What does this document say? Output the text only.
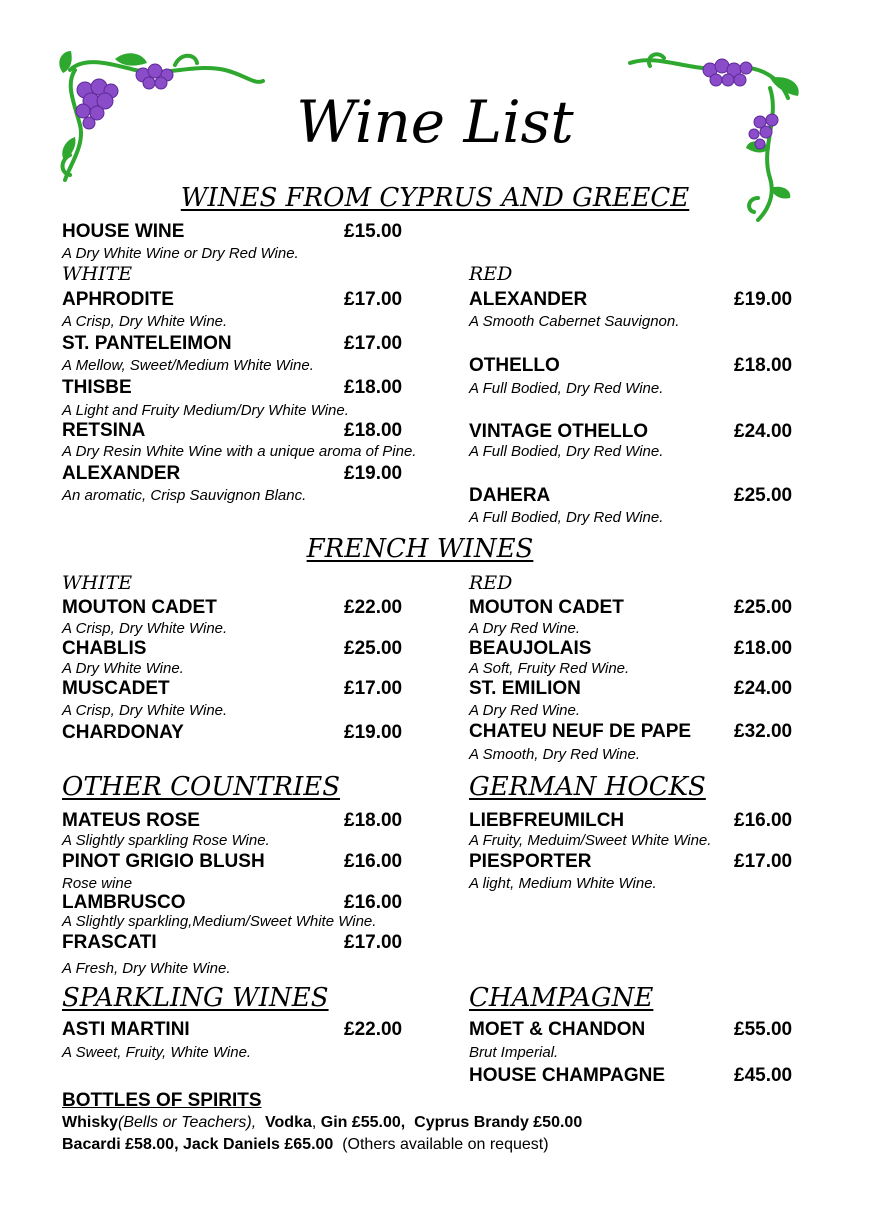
Wine List
WINES FROM CYPRUS AND GREECE
HOUSE WINE	£15.00
A Dry White Wine or Dry Red Wine.
WHITE	RED
APHRODITE	£17.00
A Crisp, Dry White Wine.
ST. PANTELEIMON	£17.00
A Mellow, Sweet/Medium White Wine.
THISBE	£18.00
A Light and Fruity Medium/Dry White Wine.
RETSINA	£18.00
A Dry Resin White Wine with a unique aroma of Pine.
ALEXANDER	£19.00
An aromatic, Crisp Sauvignon Blanc.
ALEXANDER	£19.00
A Smooth Cabernet Sauvignon.
OTHELLO	£18.00
A Full Bodied, Dry Red Wine.
VINTAGE OTHELLO	£24.00
A Full Bodied, Dry Red Wine.
DAHERA	£25.00
A Full Bodied, Dry Red Wine.
FRENCH WINES
WHITE	RED
MOUTON CADET	£22.00
A Crisp, Dry White Wine.
CHABLIS	£25.00
A Dry White Wine.
MUSCADET	£17.00
A Crisp, Dry White Wine.
CHARDONAY	£19.00
MOUTON CADET	£25.00
A Dry Red Wine.
BEAUJOLAIS	£18.00
A Soft, Fruity Red Wine.
ST. EMILION	£24.00
A Dry Red Wine.
CHATEU NEUF DE PAPE £32.00
A Smooth, Dry Red Wine.
OTHER COUNTRIES	GERMAN HOCKS
MATEUS ROSE	£18.00
A Slightly sparkling Rose Wine.
PINOT GRIGIO BLUSH	£16.00
Rose wine
LAMBRUSCO	£16.00
A Slightly sparkling,Medium/Sweet White Wine.
FRASCATI	£17.00
A Fresh, Dry White Wine.
LIEBFREUMILCH	£16.00
A Fruity, Meduim/Sweet White Wine.
PIESPORTER	£17.00
A light, Medium White Wine.
SPARKLING WINES	CHAMPAGNE
ASTI MARTINI	£22.00
A Sweet, Fruity, White Wine.
MOET & CHANDON	£55.00
Brut Imperial.
HOUSE CHAMPAGNE	£45.00
BOTTLES OF SPIRITS
Whisky(Bells or Teachers), Vodka, Gin £55.00, Cyprus Brandy £50.00
Bacardi £58.00, Jack Daniels £65.00 (Others available on request)
